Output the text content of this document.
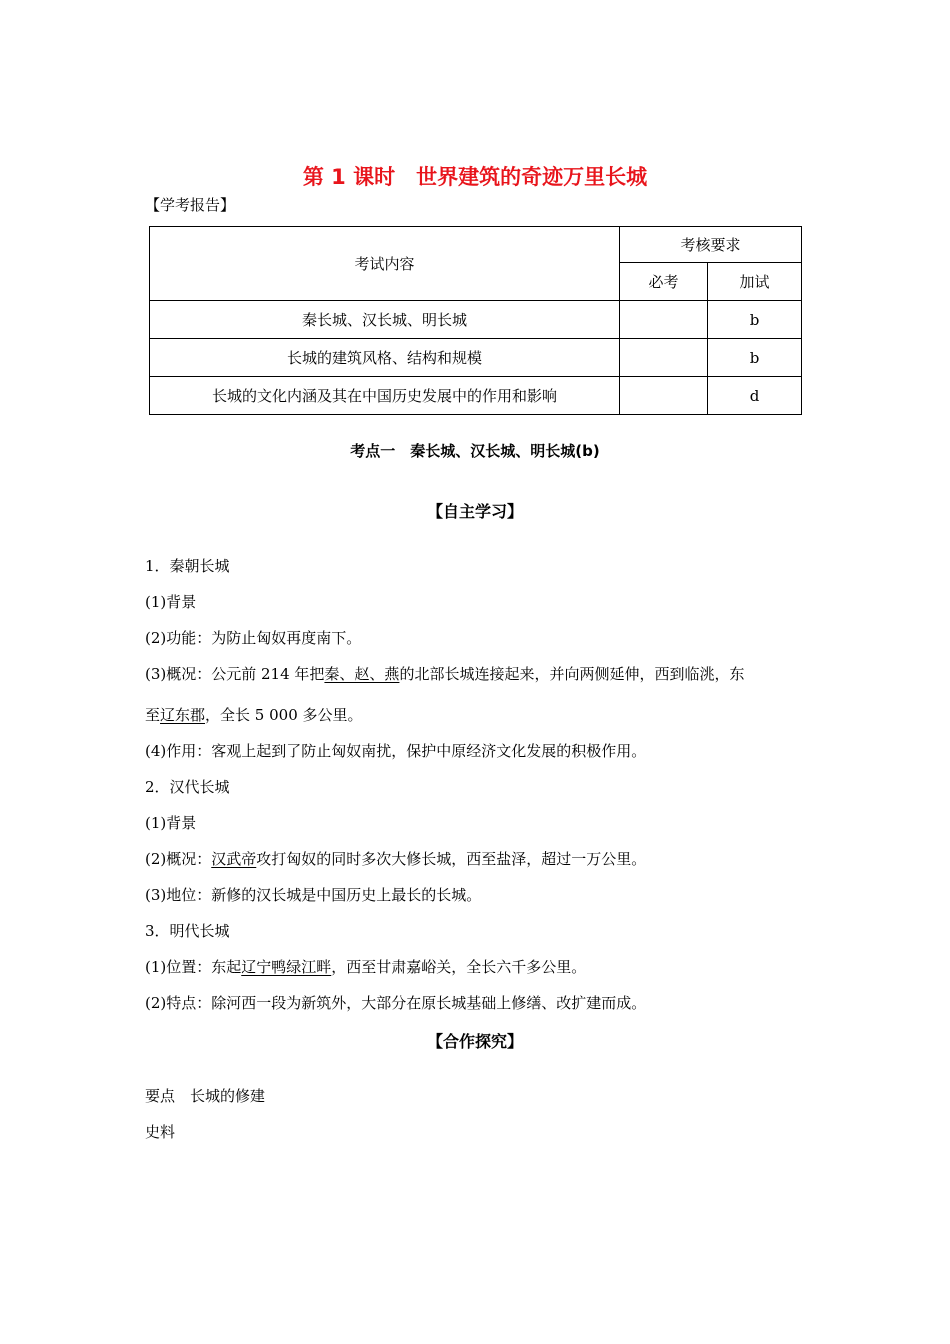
第 1 课时　世界建筑的奇迹万里长城
【学考报告】
考试内容	考核要求	
	必考	加试
秦长城、汉长城、明长城		b
长城的建筑风格、结构和规模		b
长城的文化内涵及其在中国历史发展中的作用和影响		d
考点一　秦长城、汉长城、明长城(b)
【自主学习】
1．秦朝长城
(1)背景
(2)功能：为防止匈奴再度南下。
(3)概况：公元前 214 年把秦、赵、燕的北部长城连接起来，并向两侧延伸，西到临洮，东
至辽东郡，全长 5 000 多公里。
(4)作用：客观上起到了防止匈奴南扰，保护中原经济文化发展的积极作用。
2．汉代长城
(1)背景
(2)概况：汉武帝攻打匈奴的同时多次大修长城，西至盐泽，超过一万公里。
(3)地位：新修的汉长城是中国历史上最长的长城。
3．明代长城
(1)位置：东起辽宁鸭绿江畔，西至甘肃嘉峪关，全长六千多公里。
(2)特点：除河西一段为新筑外，大部分在原长城基础上修缮、改扩建而成。
【合作探究】
要点　长城的修建
史料
